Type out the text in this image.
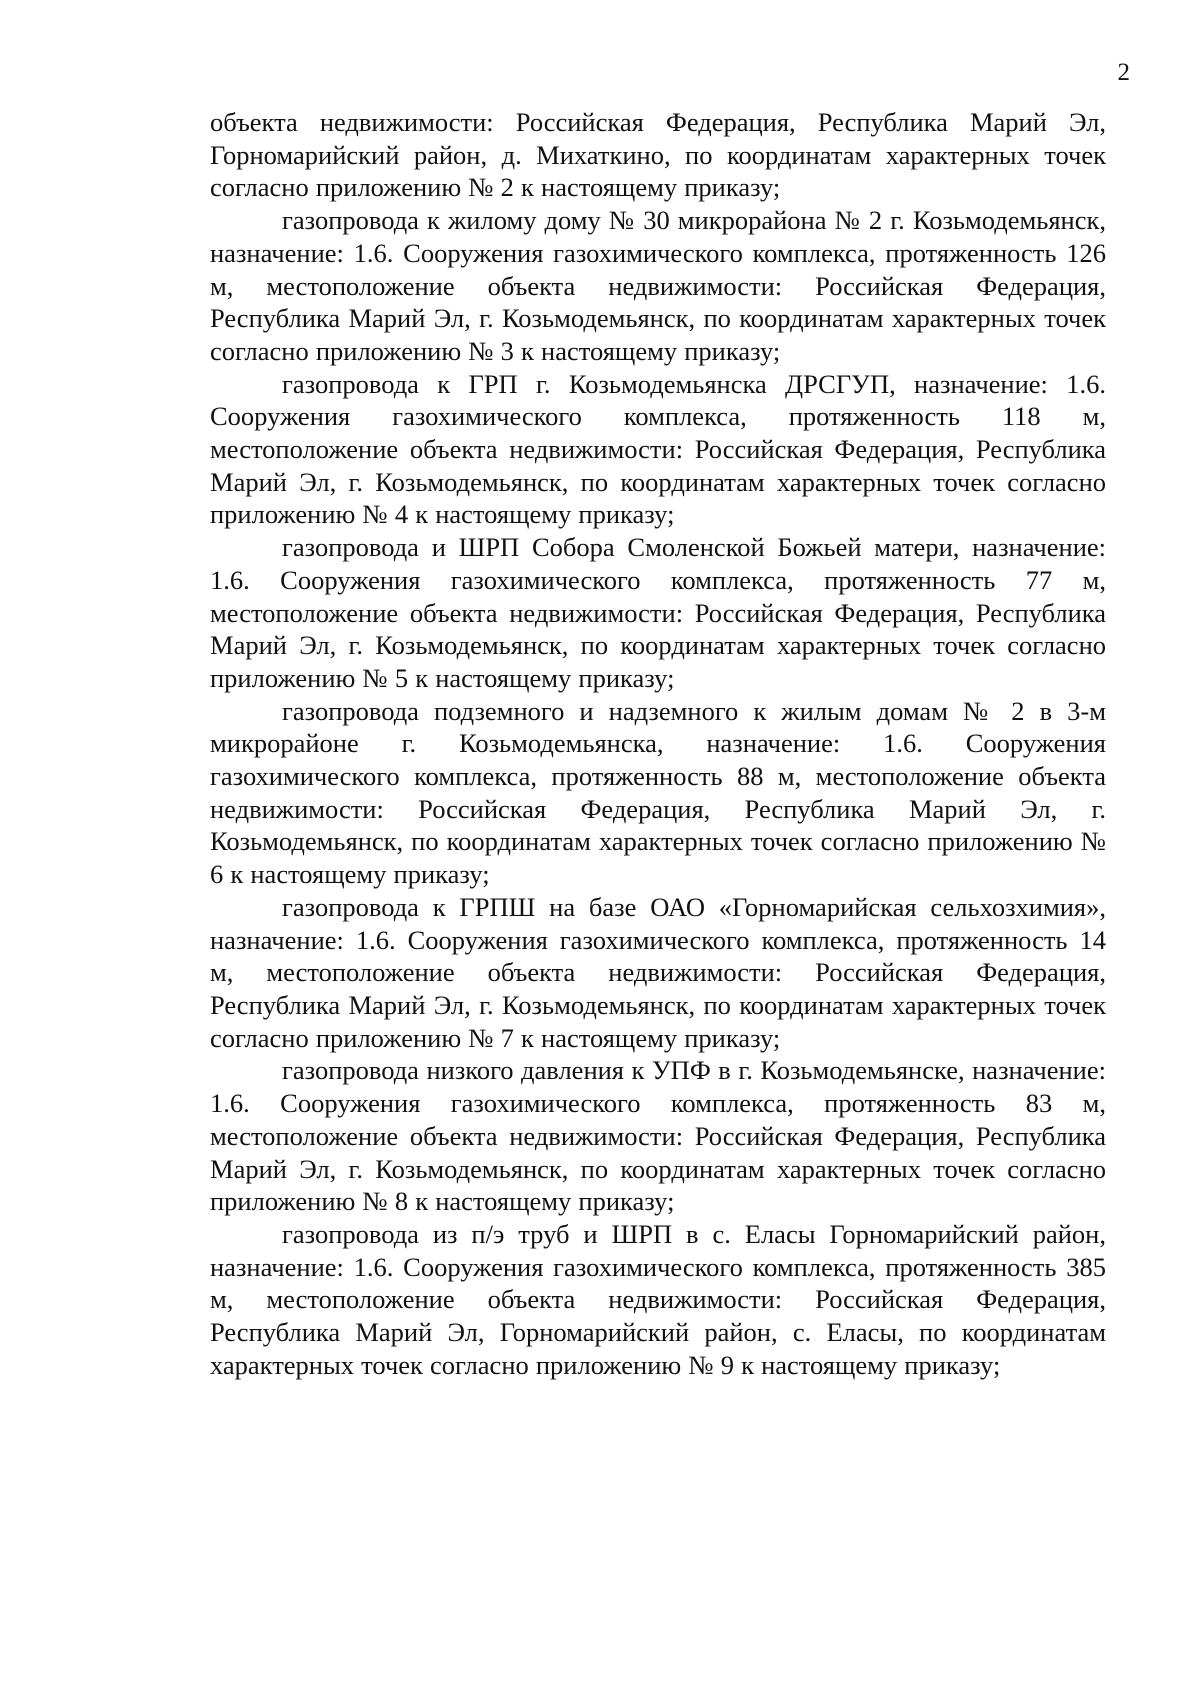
2

объекта недвижимости: Российская Федерация, Республика Марий Эл, Горномарийский район, д. Михаткино, по координатам характерных точек согласно приложению № 2 к настоящему приказу;

газопровода к жилому дому № 30 микрорайона № 2 г. Козьмодемьянск, назначение: 1.6. Сооружения газохимического комплекса, протяженность 126 м, местоположение объекта недвижимости: Российская Федерация, Республика Марий Эл, г. Козьмодемьянск, по координатам характерных точек согласно приложению № 3 к настоящему приказу;

газопровода к ГРП г. Козьмодемьянска ДРСГУП, назначение: 1.6. Сооружения газохимического комплекса, протяженность 118 м, местоположение объекта недвижимости: Российская Федерация, Республика Марий Эл, г. Козьмодемьянск, по координатам характерных точек согласно приложению № 4 к настоящему приказу;

газопровода и ШРП Собора Смоленской Божьей матери, назначение: 1.6. Сооружения газохимического комплекса, протяженность 77 м, местоположение объекта недвижимости: Российская Федерация, Республика Марий Эл, г. Козьмодемьянск, по координатам характерных точек согласно приложению № 5 к настоящему приказу;

газопровода подземного и надземного к жилым домам № 2 в 3-м микрорайоне г. Козьмодемьянска, назначение: 1.6. Сооружения газохимического комплекса, протяженность 88 м, местоположение объекта недвижимости: Российская Федерация, Республика Марий Эл, г. Козьмодемьянск, по координатам характерных точек согласно приложению № 6 к настоящему приказу;

газопровода к ГРПШ на базе ОАО «Горномарийская сельхозхимия», назначение: 1.6. Сооружения газохимического комплекса, протяженность 14 м, местоположение объекта недвижимости: Российская Федерация, Республика Марий Эл, г. Козьмодемьянск, по координатам характерных точек согласно приложению № 7 к настоящему приказу;

газопровода низкого давления к УПФ в г. Козьмодемьянске, назначение: 1.6. Сооружения газохимического комплекса, протяженность 83 м, местоположение объекта недвижимости: Российская Федерация, Республика Марий Эл, г. Козьмодемьянск, по координатам характерных точек согласно приложению № 8 к настоящему приказу;

газопровода из п/э труб и ШРП в с. Еласы Горномарийский район, назначение: 1.6. Сооружения газохимического комплекса, протяженность 385 м, местоположение объекта недвижимости: Российская Федерация, Республика Марий Эл, Горномарийский район, с. Еласы, по координатам характерных точек согласно приложению № 9 к настоящему приказу;
